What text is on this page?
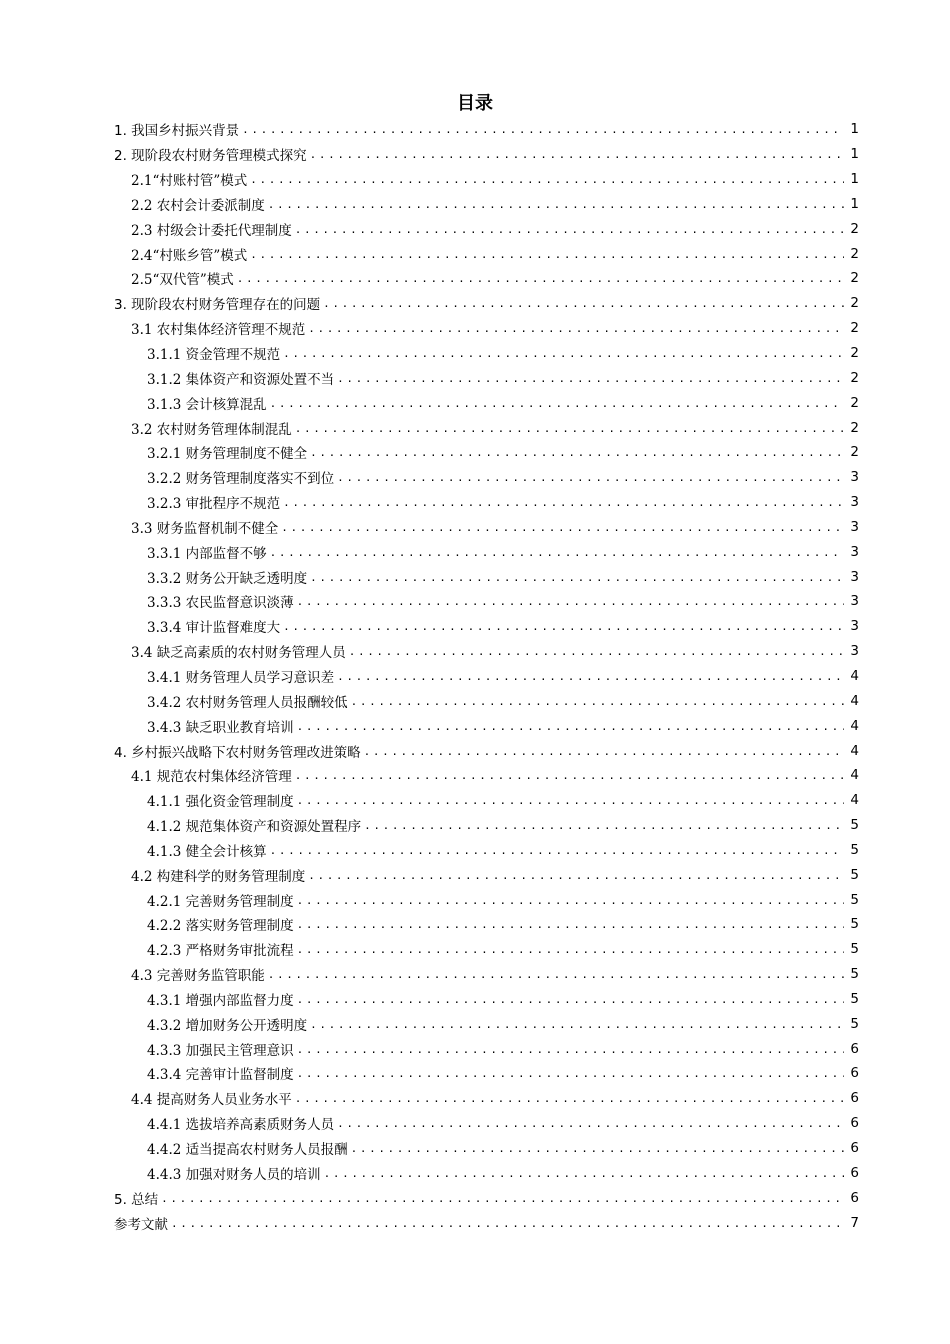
目录
1. 我国乡村振兴背景 .....	1
2. 现阶段农村财务管理模式探究 .....	1
2.1“村账村管”模式 .....	1
2.2 农村会计委派制度 .....	1
2.3 村级会计委托代理制度 .....	2
2.4“村账乡管”模式 .....	2
2.5“双代管”模式 .....	2
3. 现阶段农村财务管理存在的问题 .....	2
3.1 农村集体经济管理不规范 .....	2
3.1.1 资金管理不规范 .....	2
3.1.2 集体资产和资源处置不当 .....	2
3.1.3 会计核算混乱 .....	2
3.2 农村财务管理体制混乱 .....	2
3.2.1 财务管理制度不健全 .....	2
3.2.2 财务管理制度落实不到位 .....	3
3.2.3 审批程序不规范 .....	3
3.3 财务监督机制不健全 .....	3
3.3.1 内部监督不够 .....	3
3.3.2 财务公开缺乏透明度 .....	3
3.3.3 农民监督意识淡薄 .....	3
3.3.4 审计监督难度大 .....	3
3.4 缺乏高素质的农村财务管理人员 .....	3
3.4.1 财务管理人员学习意识差 .....	4
3.4.2 农村财务管理人员报酬较低 .....	4
3.4.3 缺乏职业教育培训 .....	4
4. 乡村振兴战略下农村财务管理改进策略 .....	4
4.1 规范农村集体经济管理 .....	4
4.1.1 强化资金管理制度 .....	4
4.1.2 规范集体资产和资源处置程序 .....	5
4.1.3 健全会计核算 .....	5
4.2 构建科学的财务管理制度 .....	5
4.2.1 完善财务管理制度 .....	5
4.2.2 落实财务管理制度 .....	5
4.2.3 严格财务审批流程 .....	5
4.3 完善财务监管职能 .....	5
4.3.1 增强内部监督力度 .....	5
4.3.2 增加财务公开透明度 .....	5
4.3.3 加强民主管理意识 .....	6
4.3.4 完善审计监督制度 .....	6
4.4 提高财务人员业务水平 .....	6
4.4.1 选拔培养高素质财务人员 .....	6
4.4.2 适当提高农村财务人员报酬 .....	6
4.4.3 加强对财务人员的培训 .....	6
5. 总结 .....	6
参考文献 .....	7
